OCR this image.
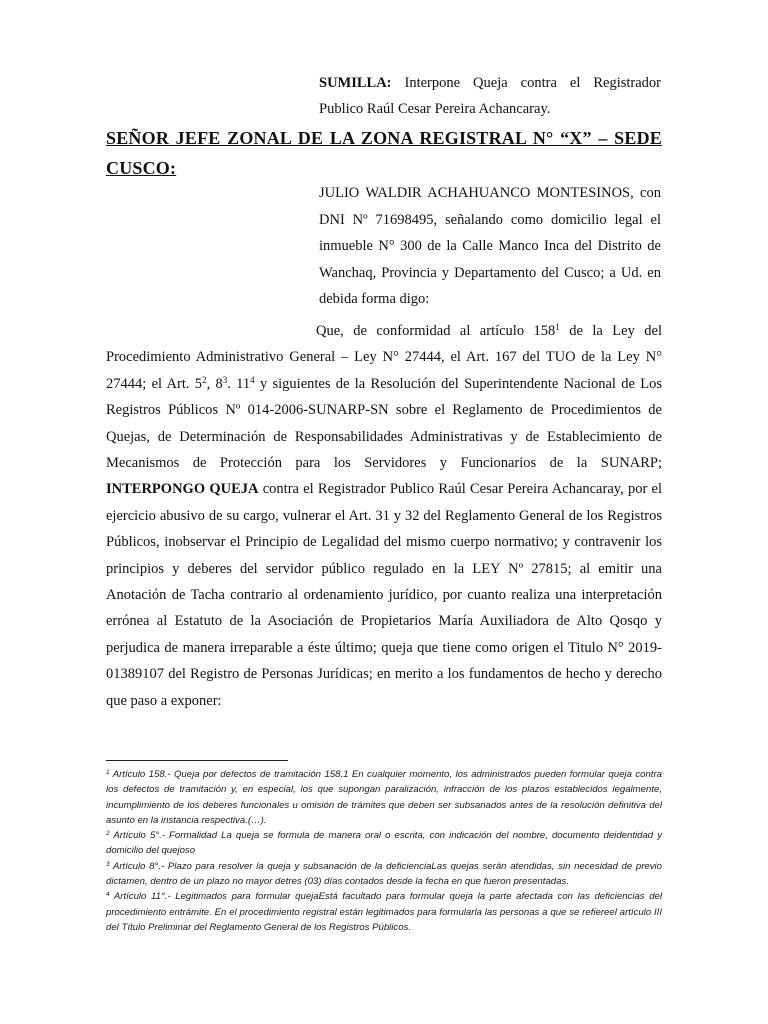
SUMILLA: Interpone Queja contra el Registrador Publico Raúl Cesar Pereira Achancaray.
SEÑOR JEFE ZONAL DE LA ZONA REGISTRAL N° “X” – SEDE CUSCO:
JULIO WALDIR ACHAHUANCO MONTESINOS, con DNI Nº 71698495, señalando como domicilio legal el inmueble N° 300 de la Calle Manco Inca del Distrito de Wanchaq, Provincia y Departamento del Cusco; a Ud. en debida forma digo:
Que, de conformidad al artículo $158^1$ de la Ley del Procedimiento Administrativo General – Ley N° 27444, el Art. 167 del TUO de la Ley N° 27444; el Art. $5^2$, $8^3$. $11^4$ y siguientes de la Resolución del Superintendente Nacional de Los Registros Públicos Nº 014-2006-SUNARP-SN sobre el Reglamento de Procedimientos de Quejas, de Determinación de Responsabilidades Administrativas y de Establecimiento de Mecanismos de Protección para los Servidores y Funcionarios de la SUNARP; INTERPONGO QUEJA contra el Registrador Publico Raúl Cesar Pereira Achancaray, por el ejercicio abusivo de su cargo, vulnerar el Art. 31 y 32 del Reglamento General de los Registros Públicos, inobservar el Principio de Legalidad del mismo cuerpo normativo; y contravenir los principios y deberes del servidor público regulado en la LEY Nº 27815; al emitir una Anotación de Tacha contrario al ordenamiento jurídico, por cuanto realiza una interpretación errónea al Estatuto de la Asociación de Propietarios María Auxiliadora de Alto Qosqo y perjudica de manera irreparable a éste último; queja que tiene como origen el Titulo N° 2019-01389107 del Registro de Personas Jurídicas; en merito a los fundamentos de hecho y derecho que paso a exponer:

$^1$ Artículo 158.- Queja por defectos de tramitación 158.1 En cualquier momento, los administrados pueden formular queja contra los defectos de tramitación y, en especial, los que supongan paralización, infracción de los plazos establecidos legalmente, incumplimiento de los deberes funcionales u omisión de trámites que deben ser subsanados antes de la resolución definitiva del asunto en la instancia respectiva.(…).

$^2$ Artículo 5°.- Formalidad La queja se formula de manera oral o escrita, con indicación del nombre, documento deidentidad y domicilio del quejoso

$^3$ Artículo 8°.- Plazo para resolver la queja y subsanación de la deficienciaLas quejas serán atendidas, sin necesidad de previo dictamen, dentro de un plazo no mayor detres (03) días contados desde la fecha en que fueron presentadas.

$^4$ Artículo 11°.- Legitimados para formular quejaEstá facultado para formular queja la parte afectada con las deficiencias del procedimiento entrámite. En el procedimiento registral están legitimados para formularla las personas a que se refiereel artículo III del Título Preliminar del Reglamento General de los Registros Públicos.
